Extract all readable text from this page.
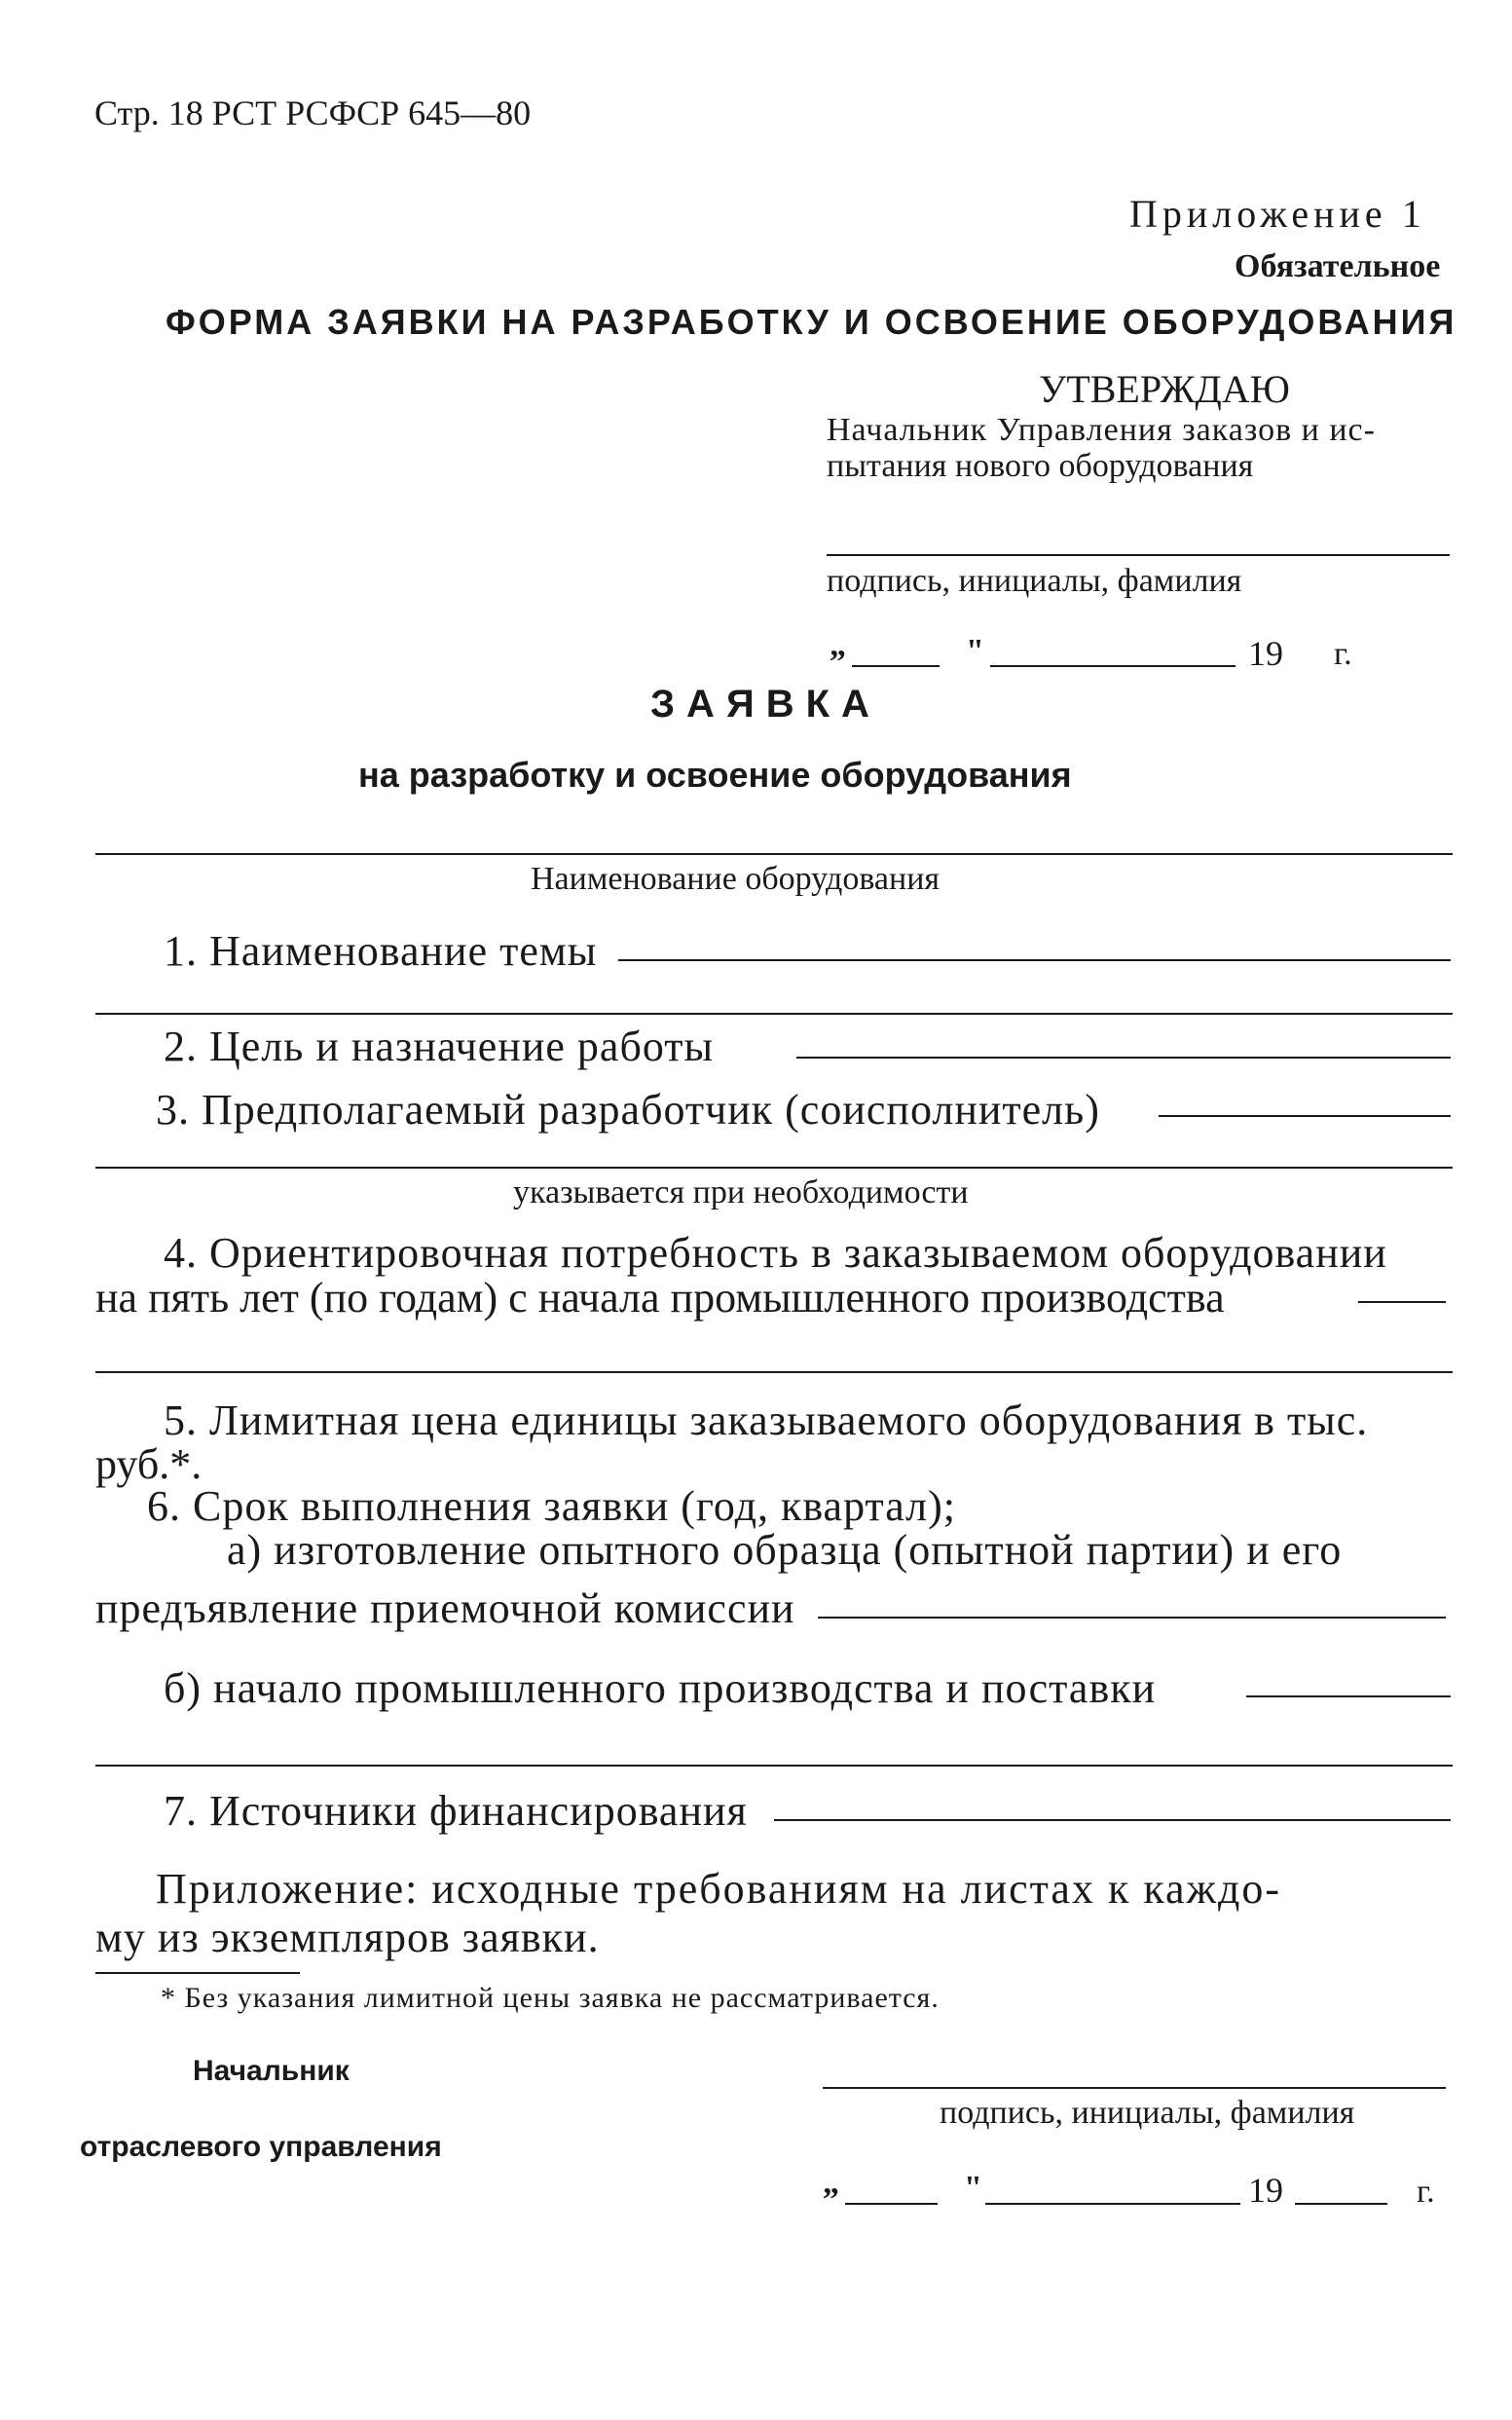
Стр. 18 РСТ РСФСР 645—80
Приложение 1
Обязательное
ФОРМА ЗАЯВКИ НА РАЗРАБОТКУ И ОСВОЕНИЕ ОБОРУДОВАНИЯ
УТВЕРЖДАЮ
Начальник Управления заказов и ис-
пытания нового оборудования
подпись, инициалы, фамилия
„	"	19 г.
ЗАЯВКА
на разработку и освоение оборудования
Наименование оборудования
1. Наименование темы
2. Цель и назначение работы
3. Предполагаемый разработчик (соисполнитель)
указывается при необходимости
4. Ориентировочная потребность в заказываемом оборудовании
на пять лет (по годам) с начала промышленного производства
5. Лимитная цена единицы заказываемого оборудования в тыс.
руб.*.
6. Срок выполнения заявки (год, квартал);
а) изготовление опытного образца (опытной партии) и его
предъявление приемочной комиссии
б) начало промышленного производства и поставки
7. Источники финансирования
Приложение: исходные требованиям на листах к каждо-
му из экземпляров заявки.
* Без указания лимитной цены заявка не рассматривается.
Начальник
отраслевого управления
подпись, инициалы, фамилия
„	"	19	г.
